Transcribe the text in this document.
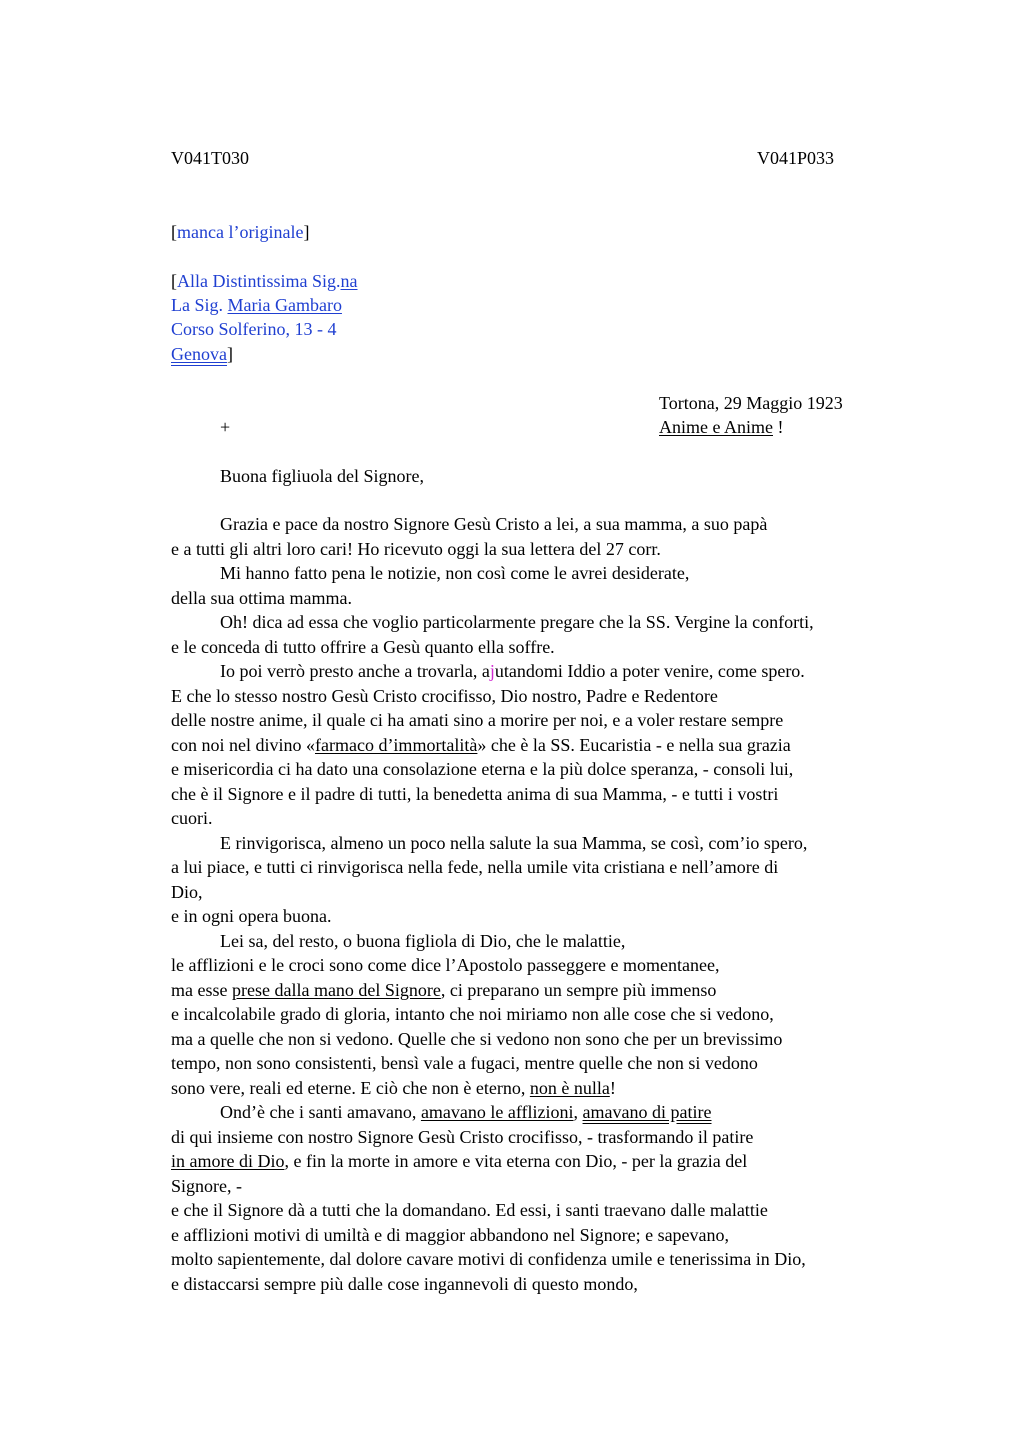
V041T030	V041P033
[manca l’originale]
[Alla Distintissima Sig.na
La Sig. Maria Gambaro
Corso Solferino, 13 - 4
Genova]
Tortona, 29 Maggio 1923
+	Anime e Anime !
Buona figliuola del Signore,
Grazia e pace da nostro Signore Gesù Cristo a lei, a sua mamma, a suo papà
e a tutti gli altri loro cari! Ho ricevuto oggi la sua lettera del 27 corr.
Mi hanno fatto pena le notizie, non così come le avrei desiderate,
della sua ottima mamma.
Oh! dica ad essa che voglio particolarmente pregare che la SS. Vergine la conforti,
e le conceda di tutto offrire a Gesù quanto ella soffre.
Io poi verrò presto anche a trovarla, ajutandomi Iddio a poter venire, come spero.
E che lo stesso nostro Gesù Cristo crocifisso, Dio nostro, Padre e Redentore
delle nostre anime, il quale ci ha amati sino a morire per noi, e a voler restare sempre
con noi nel divino «farmaco d’immortalità» che è la SS. Eucaristia - e nella sua grazia
e misericordia ci ha dato una consolazione eterna e la più dolce speranza, - consoli lui,
che è il Signore e il padre di tutti, la benedetta anima di sua Mamma, - e tutti i vostri
cuori.
E rinvigorisca, almeno un poco nella salute la sua Mamma, se così, com’io spero,
a lui piace, e tutti ci rinvigorisca nella fede, nella umile vita cristiana e nell’amore di
Dio,
e in ogni opera buona.
Lei sa, del resto, o buona figliola di Dio, che le malattie,
le afflizioni e le croci sono come dice l’Apostolo passeggere e momentanee,
ma esse prese dalla mano del Signore, ci preparano un sempre più immenso
e incalcolabile grado di gloria, intanto che noi miriamo non alle cose che si vedono,
ma a quelle che non si vedono. Quelle che si vedono non sono che per un brevissimo
tempo, non sono consistenti, bensì vale a fugaci, mentre quelle che non si vedono
sono vere, reali ed eterne. E ciò che non è eterno, non è nulla!
Ond’è che i santi amavano, amavano le afflizioni, amavano di patire
di qui insieme con nostro Signore Gesù Cristo crocifisso, - trasformando il patire
in amore di Dio, e fin la morte in amore e vita eterna con Dio, - per la grazia del
Signore, -
e che il Signore dà a tutti che la domandano. Ed essi, i santi traevano dalle malattie
e afflizioni motivi di umiltà e di maggior abbandono nel Signore; e sapevano,
molto sapientemente, dal dolore cavare motivi di confidenza umile e tenerissima in Dio,
e distaccarsi sempre più dalle cose ingannevoli di questo mondo,
